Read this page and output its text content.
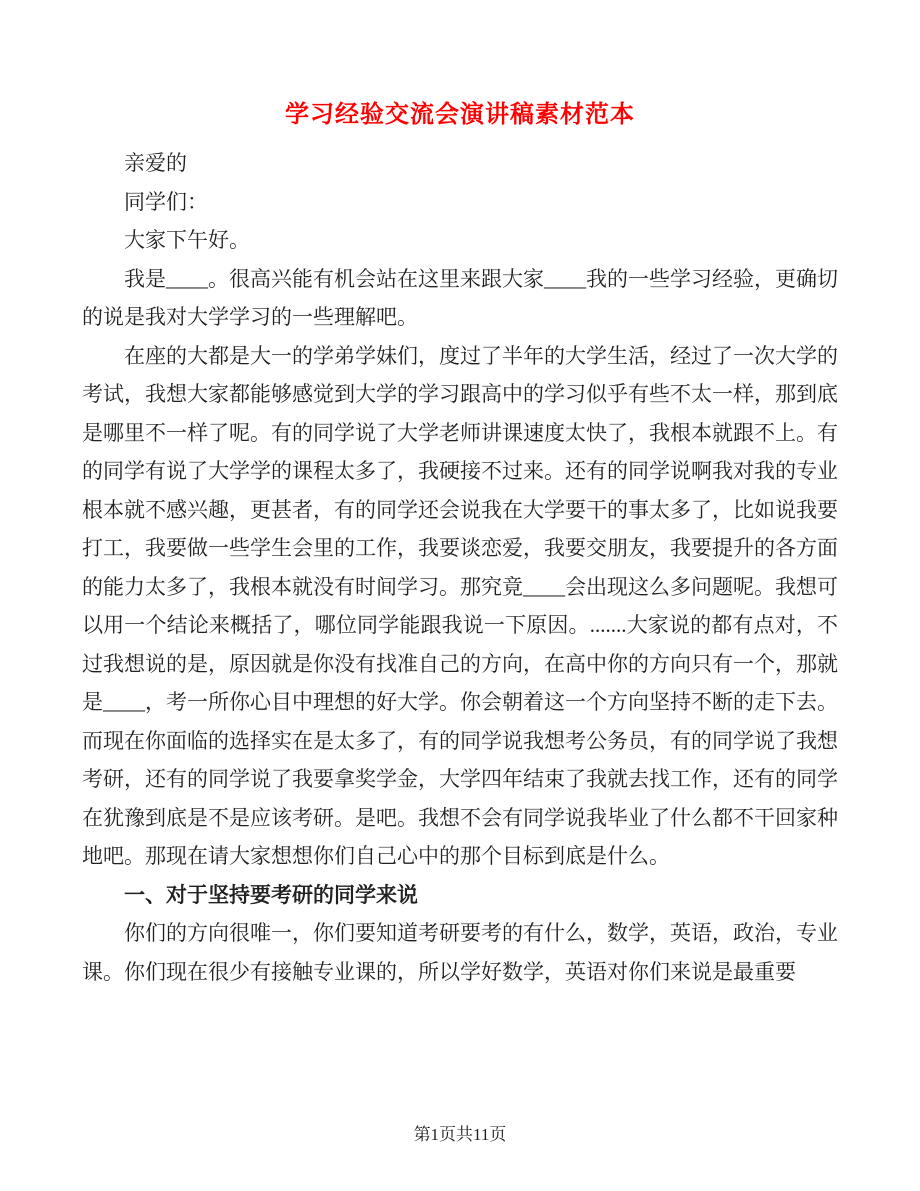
学习经验交流会演讲稿素材范本

亲爱的

同学们：

大家下午好。

我是____。很高兴能有机会站在这里来跟大家____我的一些学习经验，更确切的说是我对大学学习的一些理解吧。

在座的大都是大一的学弟学妹们，度过了半年的大学生活，经过了一次大学的考试，我想大家都能够感觉到大学的学习跟高中的学习似乎有些不太一样，那到底是哪里不一样了呢。有的同学说了大学老师讲课速度太快了，我根本就跟不上。有的同学有说了大学学的课程太多了，我硬接不过来。还有的同学说啊我对我的专业根本就不感兴趣，更甚者，有的同学还会说我在大学要干的事太多了，比如说我要打工，我要做一些学生会里的工作，我要谈恋爱，我要交朋友，我要提升的各方面的能力太多了，我根本就没有时间学习。那究竟____会出现这么多问题呢。我想可以用一个结论来概括了，哪位同学能跟我说一下原因。.......大家说的都有点对，不过我想说的是，原因就是你没有找准自己的方向，在高中你的方向只有一个，那就是____，考一所你心目中理想的好大学。你会朝着这一个方向坚持不断的走下去。而现在你面临的选择实在是太多了，有的同学说我想考公务员，有的同学说了我想考研，还有的同学说了我要拿奖学金，大学四年结束了我就去找工作，还有的同学在犹豫到底是不是应该考研。是吧。我想不会有同学说我毕业了什么都不干回家种地吧。那现在请大家想想你们自己心中的那个目标到底是什么。

一、对于坚持要考研的同学来说

你们的方向很唯一，你们要知道考研要考的有什么，数学，英语，政治，专业课。你们现在很少有接触专业课的，所以学好数学，英语对你们来说是最重要

第1页共11页
